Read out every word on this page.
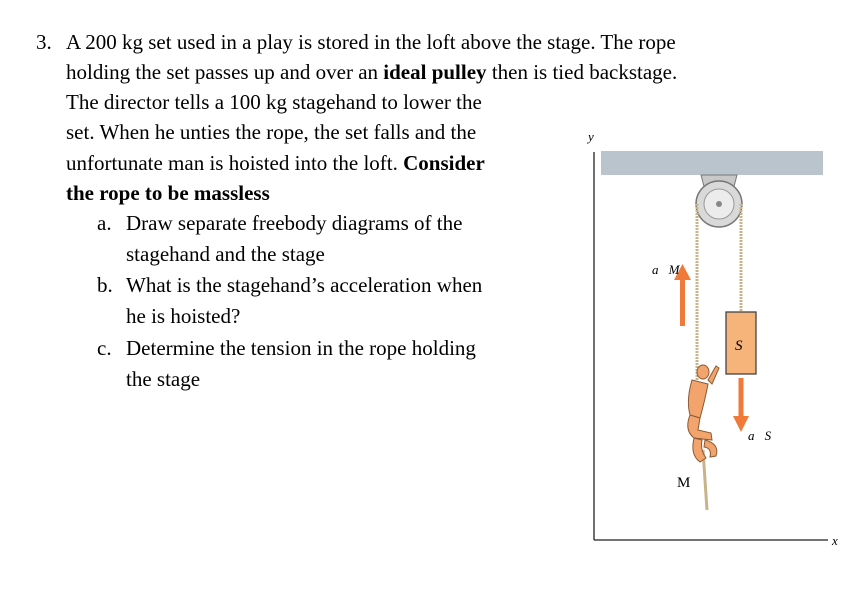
3. A 200 kg set used in a play is stored in the loft above the stage. The rope
holding the set passes up and over an ideal pulley then is tied backstage.
The director tells a 100 kg stagehand to lower the
set. When he unties the rope, the set falls and the
unfortunate man is hoisted into the loft. Consider
the rope to be massless
a. Draw separate freebody diagrams of the
stagehand and the stage
b. What is the stagehand’s acceleration when
he is hoisted?
c. Determine the tension in the rope holding
the stage
y
x
S
a⃗S
a⃗M
M
